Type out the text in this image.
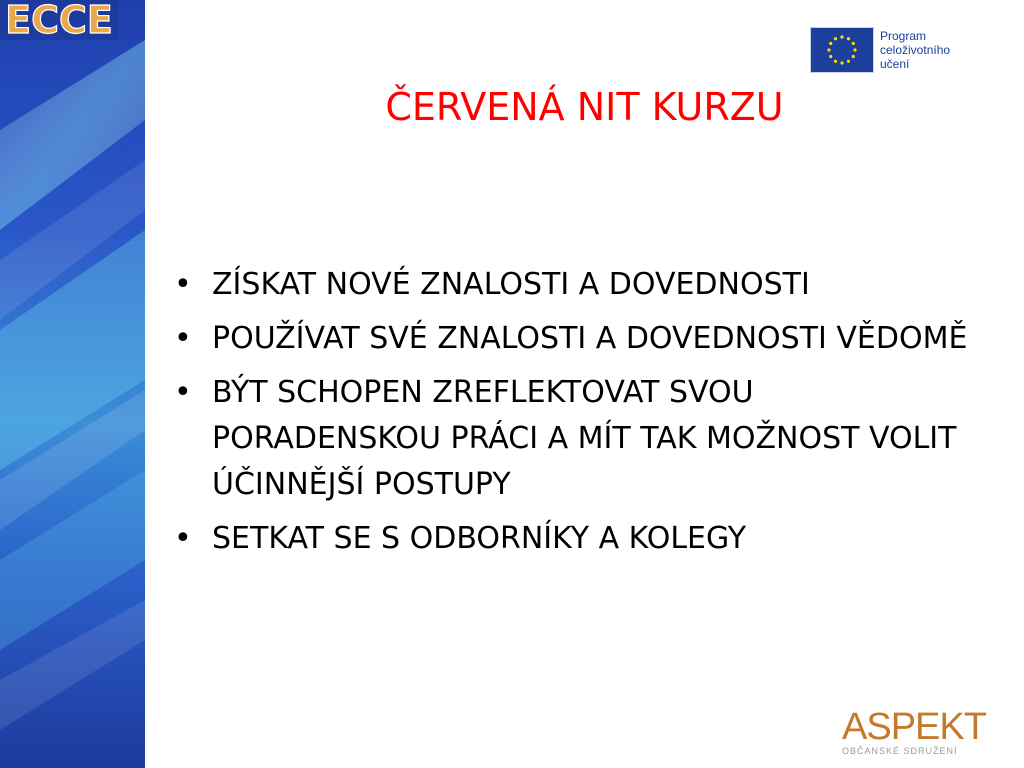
ECCE	Program
celoživotního
učení
ČERVENÁ NIT KURZU
• ZÍSKAT NOVÉ ZNALOSTI A DOVEDNOSTI
• POUŽÍVAT SVÉ ZNALOSTI A DOVEDNOSTI VĚDOMĚ
• BÝT SCHOPEN ZREFLEKTOVAT SVOU PORADENSKOU PRÁCI A MÍT TAK MOŽNOST VOLIT ÚČINNĚJŠÍ POSTUPY
• SETKAT SE S ODBORNÍKY A KOLEGY
ASPEKT
OBČANSKÉ SDRUŽENÍ
